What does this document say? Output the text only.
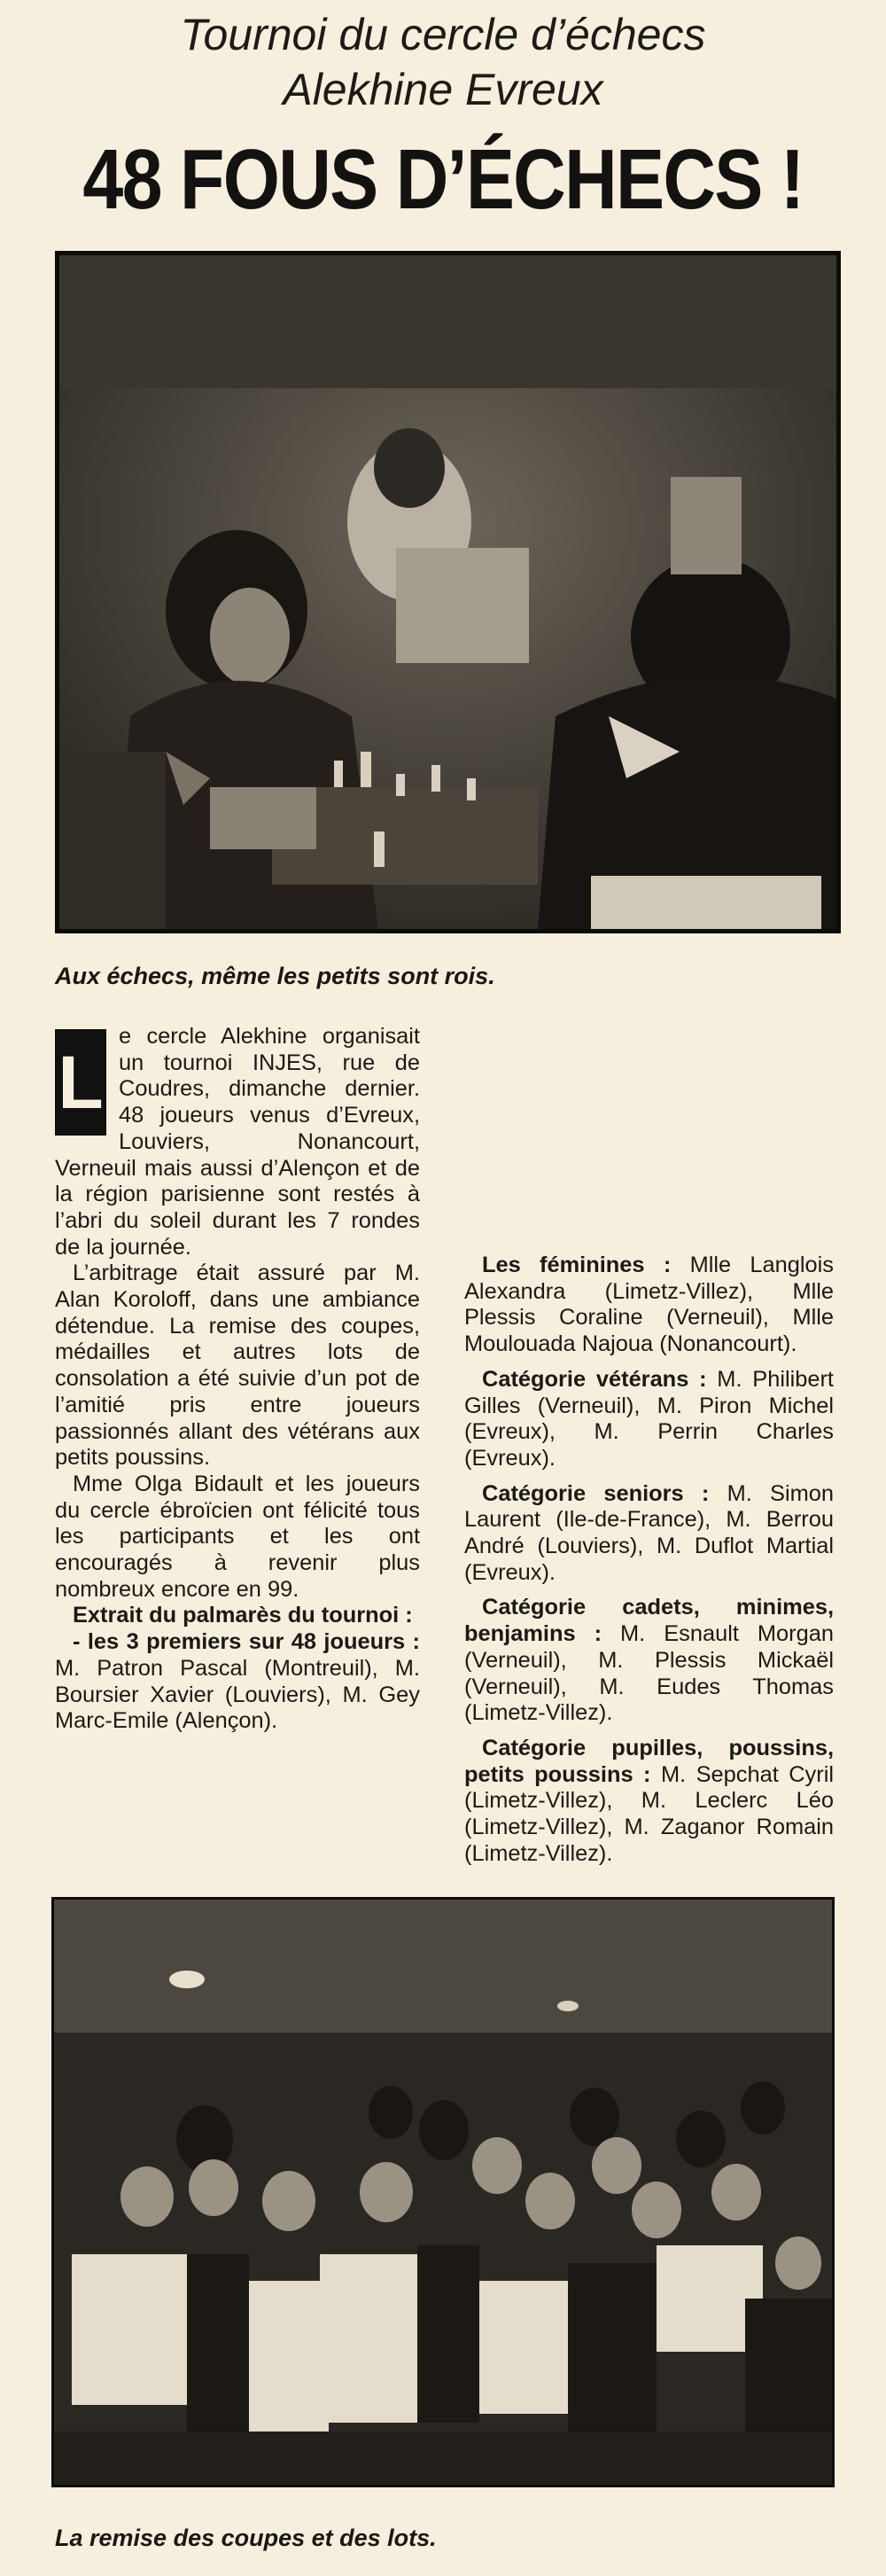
Tournoi du cercle d’échecs
Alekhine Evreux
48 FOUS D’ÉCHECS !
Aux échecs, même les petits sont rois.
L

e cercle Alekhine organisait un tournoi INJES, rue de Coudres, dimanche dernier. 48 joueurs venus d’Evreux, Louviers, Nonancourt, Verneuil mais aussi d’Alençon et de la région parisienne sont restés à l’abri du soleil durant les 7 rondes de la journée.

L’arbitrage était assuré par M. Alan Koroloff, dans une ambiance détendue. La remise des coupes, médailles et autres lots de consolation a été suivie d’un pot de l’amitié pris entre joueurs passionnés allant des vétérans aux petits poussins.

Mme Olga Bidault et les joueurs du cercle ébroïcien ont félicité tous les participants et les ont encouragés à revenir plus nombreux encore en 99.

Extrait du palmarès du tournoi :

- les 3 premiers sur 48 joueurs : M. Patron Pascal (Montreuil), M. Boursier Xavier (Louviers), M. Gey Marc-Emile (Alençon).

Les féminines : Mlle Langlois Alexandra (Limetz-Villez), Mlle Plessis Coraline (Verneuil), Mlle Moulouada Najoua (Nonancourt).

Catégorie vétérans : M. Philibert Gilles (Verneuil), M. Piron Michel (Evreux), M. Perrin Charles (Evreux).

Catégorie seniors : M. Simon Laurent (Ile-de-France), M. Berrou André (Louviers), M. Duflot Martial (Evreux).

Catégorie cadets, minimes, benjamins : M. Esnault Morgan (Verneuil), M. Plessis Mickaël (Verneuil), M. Eudes Thomas (Limetz-Villez).

Catégorie pupilles, poussins, petits poussins : M. Sepchat Cyril (Limetz-Villez), M. Leclerc Léo (Limetz-Villez), M. Zaganor Romain (Limetz-Villez).

La remise des coupes et des lots.
